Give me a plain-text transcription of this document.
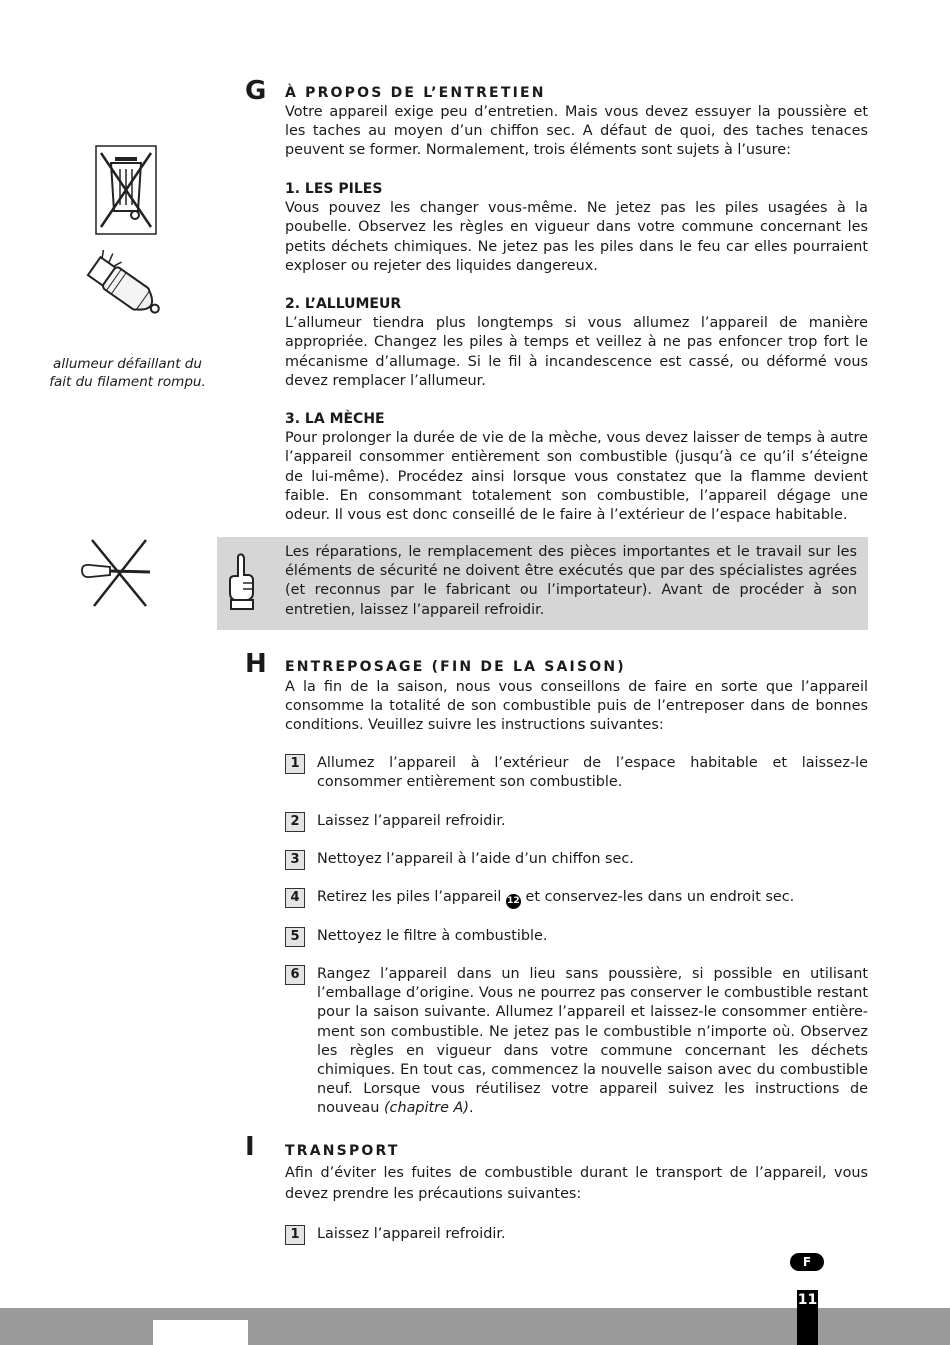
G À PROPOS DE L’ENTRETIEN

Votre appareil exige peu d’entretien. Mais vous devez essuyer la poussière et les taches au moyen d’un chiffon sec. A défaut de quoi, des taches tenaces peuvent se former. Normalement, trois éléments sont sujets à l’usure:

1. LES PILES

Vous pouvez les changer vous-même. Ne jetez pas les piles usagées à la poubelle. Observez les règles en vigueur dans votre commune concernant les petits déchets chimiques. Ne jetez pas les piles dans le feu car elles pourraient exploser ou rejeter des liquides dangereux.

2. L’ALLUMEUR

L’allumeur tiendra plus longtemps si vous allumez l’appareil de manière appropriée. Changez les piles à temps et veillez à ne pas enfoncer trop fort le mécanisme d’allumage. Si le fil à incandescence est cassé, ou déformé vous devez remplacer l’allumeur.

3. LA MÈCHE

Pour prolonger la durée de vie de la mèche, vous devez laisser de temps à autre l’appareil consommer entièrement son combustible (jusqu’à ce qu’il s’éteigne de lui-même). Procédez ainsi lorsque vous constatez que la flamme devient faible. En consommant totalement son combustible, l’appareil dégage une odeur. Il vous est donc conseillé de le faire à l’extérieur de l’espace habitable.

allumeur défaillant du
fait du filament rompu.
Les réparations, le remplacement des pièces importantes et le travail sur les éléments de sécurité ne doivent être exécutés que par des spécialistes agrées (et reconnus par le fabricant ou l’importateur). Avant de procéder à son entretien, laissez l’appareil refroidir.
H ENTREPOSAGE (FIN DE LA SAISON)

A la fin de la saison, nous vous conseillons de faire en sorte que l’appareil consomme la totalité de son combustible puis de l’entreposer dans de bonnes conditions. Veuillez suivre les instructions suivantes:

1	Allumez l’appareil à l’extérieur de l’espace habitable et laissez-le consommer entièrement son combustible.
2	Laissez l’appareil refroidir.
3	Nettoyez l’appareil à l’aide d’un chiffon sec.
4	Retirez les piles l’appareil 12 et conservez-les dans un endroit sec.
5	Nettoyez le filtre à combustible.
6	Rangez l’appareil dans un lieu sans poussière, si possible en utilisant l’emballage d’origine. Vous ne pourrez pas conserver le combustible restant pour la saison suivante. Allumez l’appareil et laissez-le consommer entière-ment son combustible. Ne jetez pas le combustible n’importe où. Observez les règles en vigueur dans votre commune concernant les déchets chimiques. En tout cas, commencez la nouvelle saison avec du combustible neuf. Lorsque vous réutilisez votre appareil suivez les instructions de nouveau (chapitre A).
I TRANSPORT

Afin d’éviter les fuites de combustible durant le transport de l’appareil, vous devez prendre les précautions suivantes:

1	Laissez l’appareil refroidir.
F
11
